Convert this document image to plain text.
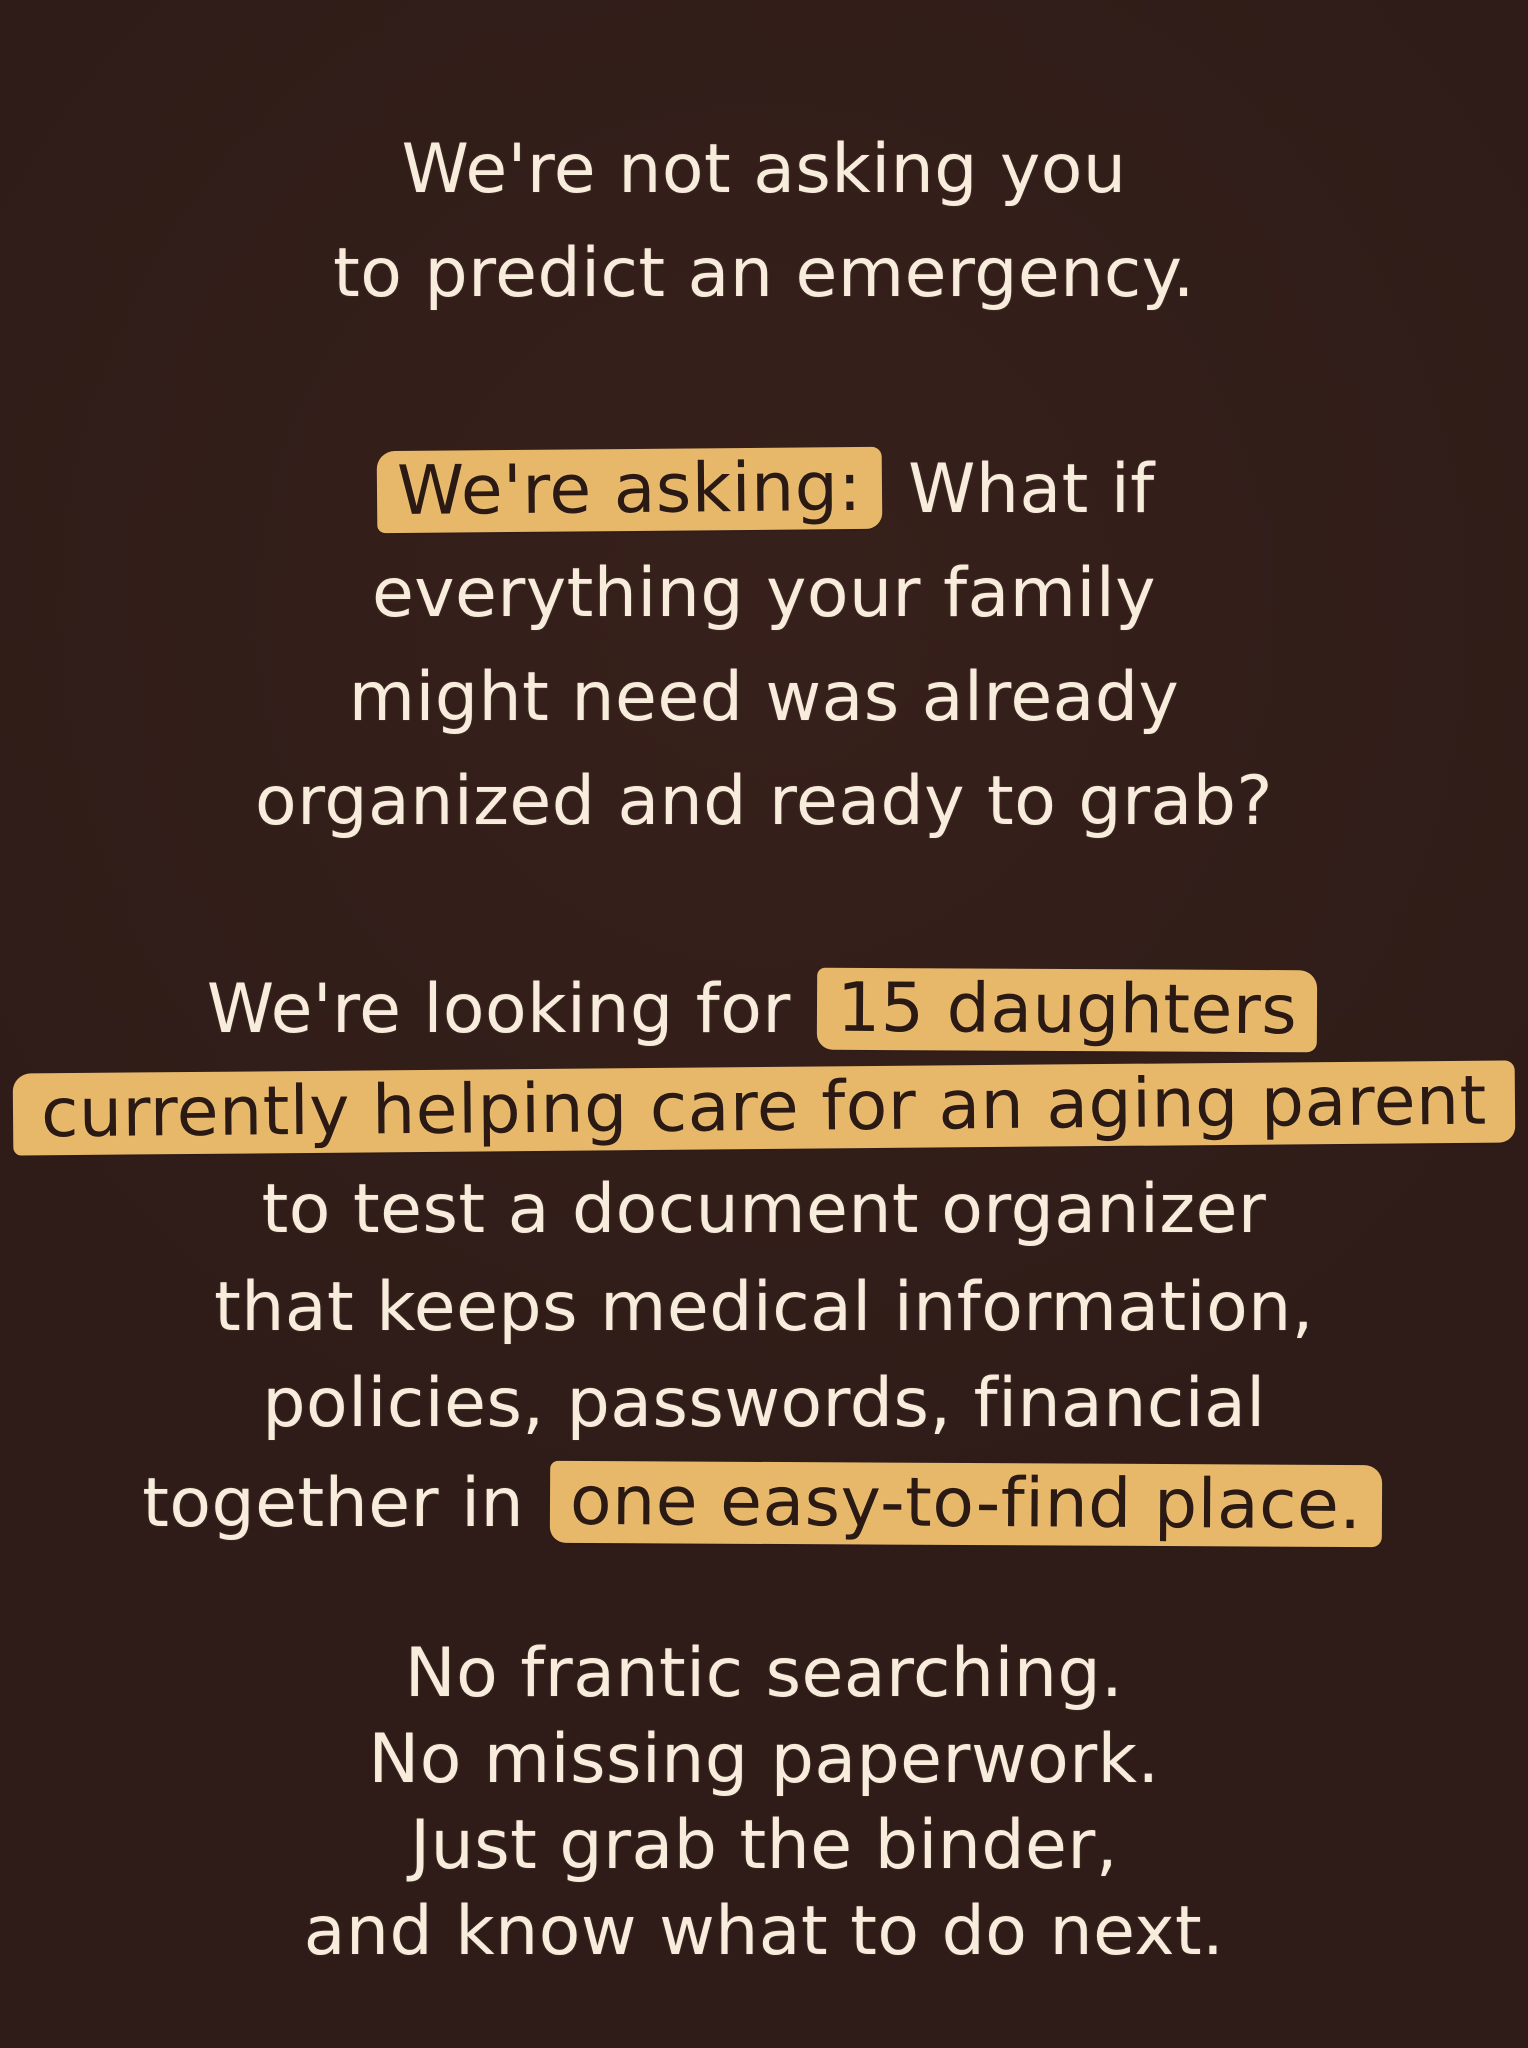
We're not asking you
to predict an emergency.
We're asking: What if
everything your family
might need was already
organized and ready to grab?
We're looking for 15 daughters
currently helping care for an aging parent
to test a document organizer
that keeps medical information,
policies, passwords, financial
together in one easy-to-find place.
No frantic searching.
No missing paperwork.
Just grab the binder,
and know what to do next.
